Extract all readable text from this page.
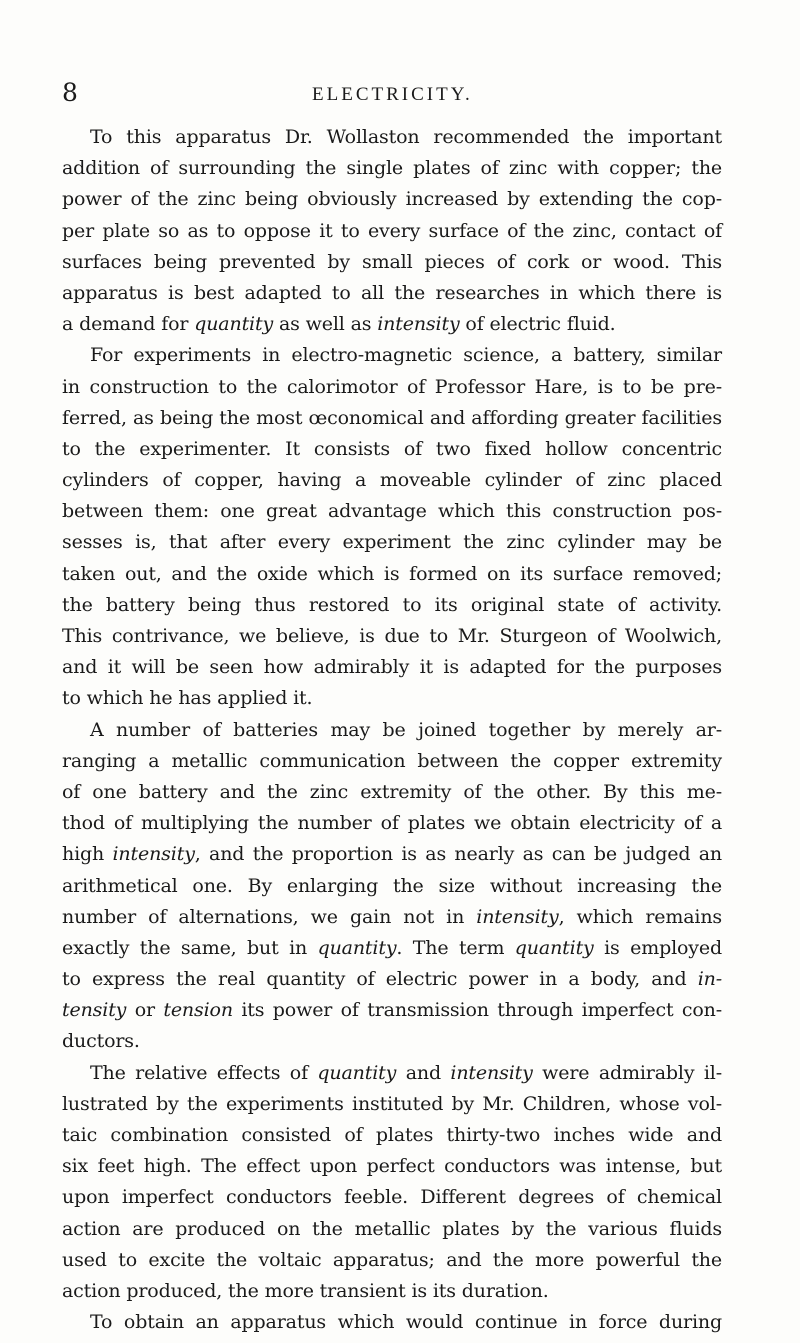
8	ELECTRICITY.
To this apparatus Dr. Wollaston recommended the important
addition of surrounding the single plates of zinc with copper; the
power of the zinc being obviously increased by extending the cop-
per plate so as to oppose it to every surface of the zinc, contact of
surfaces being prevented by small pieces of cork or wood. This
apparatus is best adapted to all the researches in which there is
a demand for quantity as well as intensity of electric fluid.
For experiments in electro-magnetic science, a battery, similar
in construction to the calorimotor of Professor Hare, is to be pre-
ferred, as being the most œconomical and affording greater facilities
to the experimenter. It consists of two fixed hollow concentric
cylinders of copper, having a moveable cylinder of zinc placed
between them: one great advantage which this construction pos-
sesses is, that after every experiment the zinc cylinder may be
taken out, and the oxide which is formed on its surface removed;
the battery being thus restored to its original state of activity.
This contrivance, we believe, is due to Mr. Sturgeon of Woolwich,
and it will be seen how admirably it is adapted for the purposes
to which he has applied it.
A number of batteries may be joined together by merely ar-
ranging a metallic communication between the copper extremity
of one battery and the zinc extremity of the other. By this me-
thod of multiplying the number of plates we obtain electricity of a
high intensity, and the proportion is as nearly as can be judged an
arithmetical one. By enlarging the size without increasing the
number of alternations, we gain not in intensity, which remains
exactly the same, but in quantity. The term quantity is employed
to express the real quantity of electric power in a body, and in-
tensity or tension its power of transmission through imperfect con-
ductors.
The relative effects of quantity and intensity were admirably il-
lustrated by the experiments instituted by Mr. Children, whose vol-
taic combination consisted of plates thirty-two inches wide and
six feet high. The effect upon perfect conductors was intense, but
upon imperfect conductors feeble. Different degrees of chemical
action are produced on the metallic plates by the various fluids
used to excite the voltaic apparatus; and the more powerful the
action produced, the more transient is its duration.
To obtain an apparatus which would continue in force during
